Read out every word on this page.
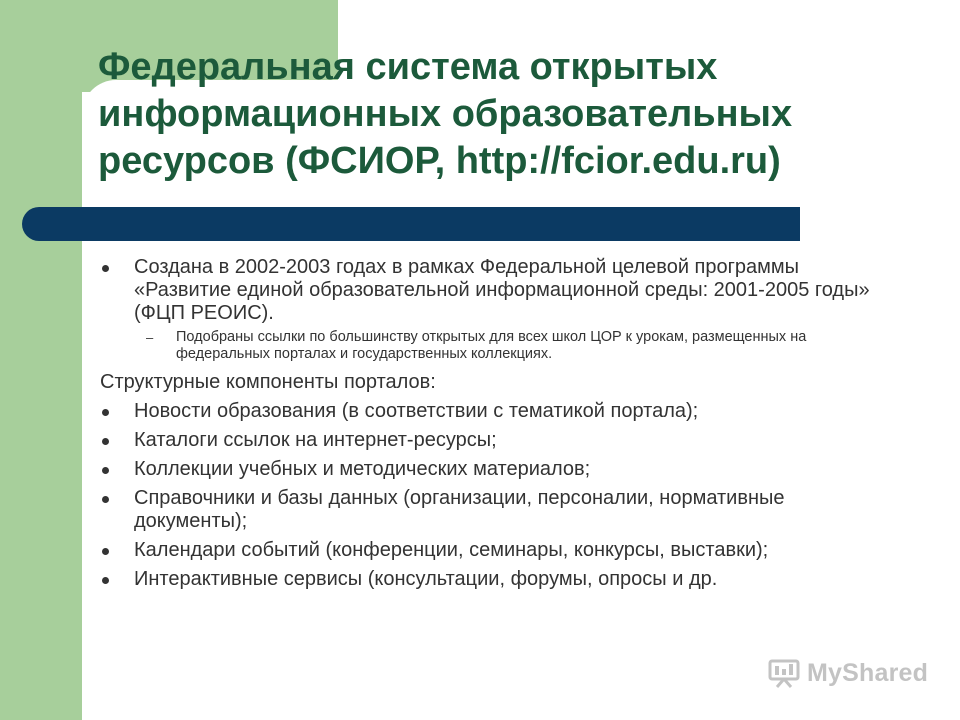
Федеральная система открытых информационных образовательных ресурсов (ФСИОР, http://fcior.edu.ru)
Создана в 2002-2003 годах в рамках Федеральной целевой программы «Развитие единой образовательной информационной среды: 2001-2005 годы» (ФЦП РЕОИС).
– Подобраны ссылки по большинству открытых для всех школ ЦОР к урокам, размещенных на федеральных порталах и государственных коллекциях.
Структурные компоненты порталов:
Новости образования (в соответствии с тематикой портала);
Каталоги ссылок на интернет-ресурсы;
Коллекции учебных и методических материалов;
Справочники и базы данных (организации, персоналии, нормативные документы);
Календари событий (конференции, семинары, конкурсы, выставки);
Интерактивные сервисы (консультации, форумы, опросы и др.
MyShared
